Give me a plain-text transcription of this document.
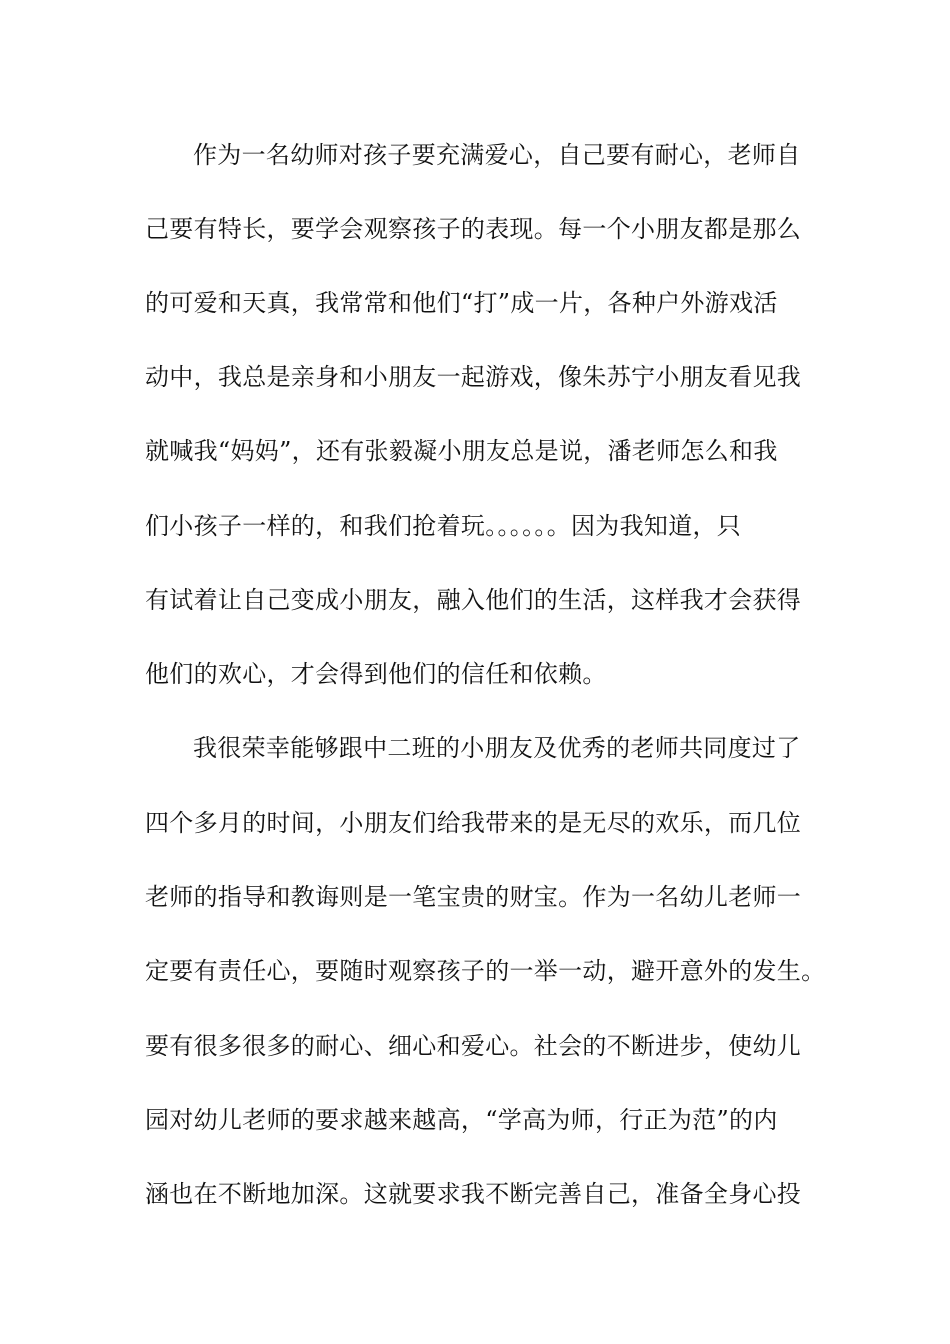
作为一名幼师对孩子要充满爱心，自己要有耐心，老师自
己要有特长，要学会观察孩子的表现。每一个小朋友都是那么
的可爱和天真，我常常和他们“打”成一片，各种户外游戏活
动中，我总是亲身和小朋友一起游戏，像朱苏宁小朋友看见我
就喊我“妈妈”，还有张毅凝小朋友总是说，潘老师怎么和我
们小孩子一样的，和我们抢着玩。。。。。。因为我知道，只
有试着让自己变成小朋友，融入他们的生活，这样我才会获得
他们的欢心，才会得到他们的信任和依赖。
我很荣幸能够跟中二班的小朋友及优秀的老师共同度过了
四个多月的时间，小朋友们给我带来的是无尽的欢乐，而几位
老师的指导和教诲则是一笔宝贵的财宝。作为一名幼儿老师一
定要有责任心，要随时观察孩子的一举一动，避开意外的发生。
要有很多很多的耐心、细心和爱心。社会的不断进步，使幼儿
园对幼儿老师的要求越来越高，“学高为师，行正为范”的内
涵也在不断地加深。这就要求我不断完善自己，准备全身心投
